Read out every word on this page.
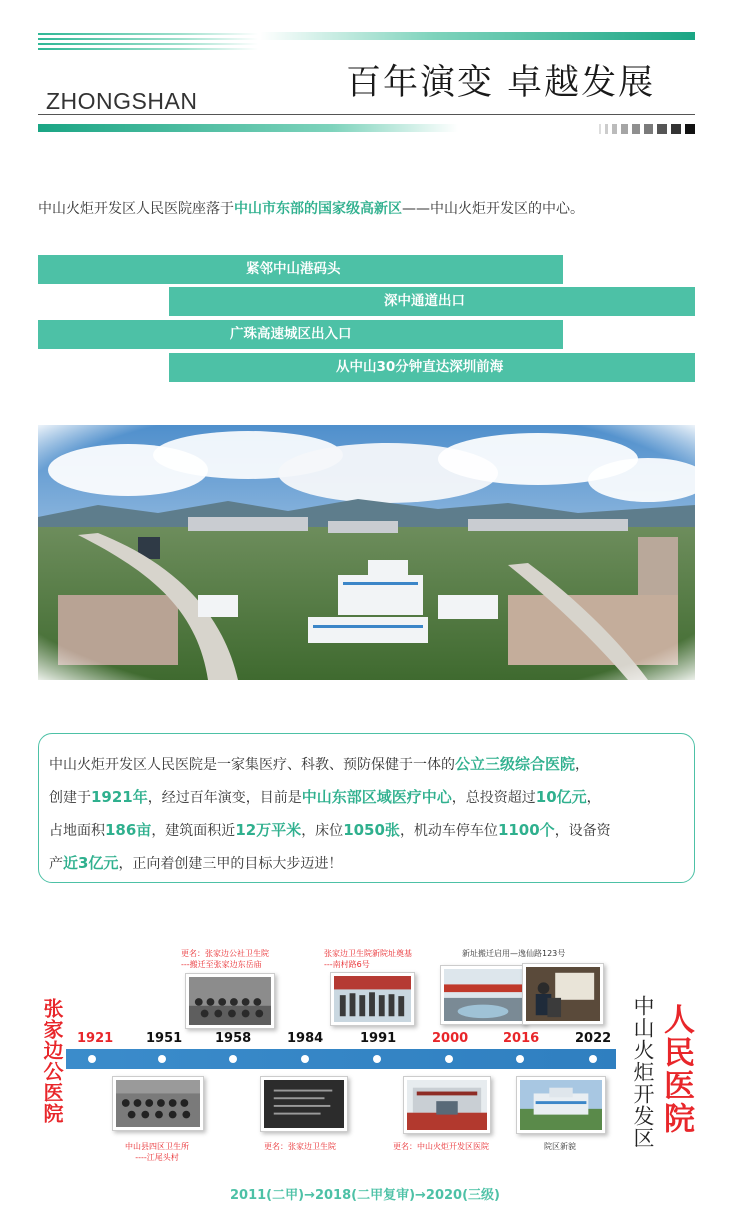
百年演变 卓越发展
ZHONGSHAN

中山火炬开发区人民医院座落于中山市东部的国家级高新区——中山火炬开发区的中心。

紧邻中山港码头
深中通道出口
广珠高速城区出入口
从中山30分钟直达深圳前海

中山火炬开发区人民医院是一家集医疗、科教、预防保健于一体的公立三级综合医院，

创建于1921年，经过百年演变，目前是中山东部区域医疗中心，总投资超过10亿元，

占地面积186亩，建筑面积近12万平米，床位1050张，机动车停车位1100个，设备资

产近3亿元，正向着创建三甲的目标大步迈进！

张家边公医院	中山火炬开发区 人民医院
更名：张家边公社卫生院
---搬迁至张家边东岳庙
张家边卫生院新院址奠基
---南村路6号
新址搬迁启用—逸仙路123号
1921	1951	1958	1984	1991	2000	2016	2022
中山县四区卫生所
----江尾头村
更名：张家边卫生院	更名：中山火炬开发区医院	院区新貌
2011(二甲)→2018(二甲复审)→2020(三级)
